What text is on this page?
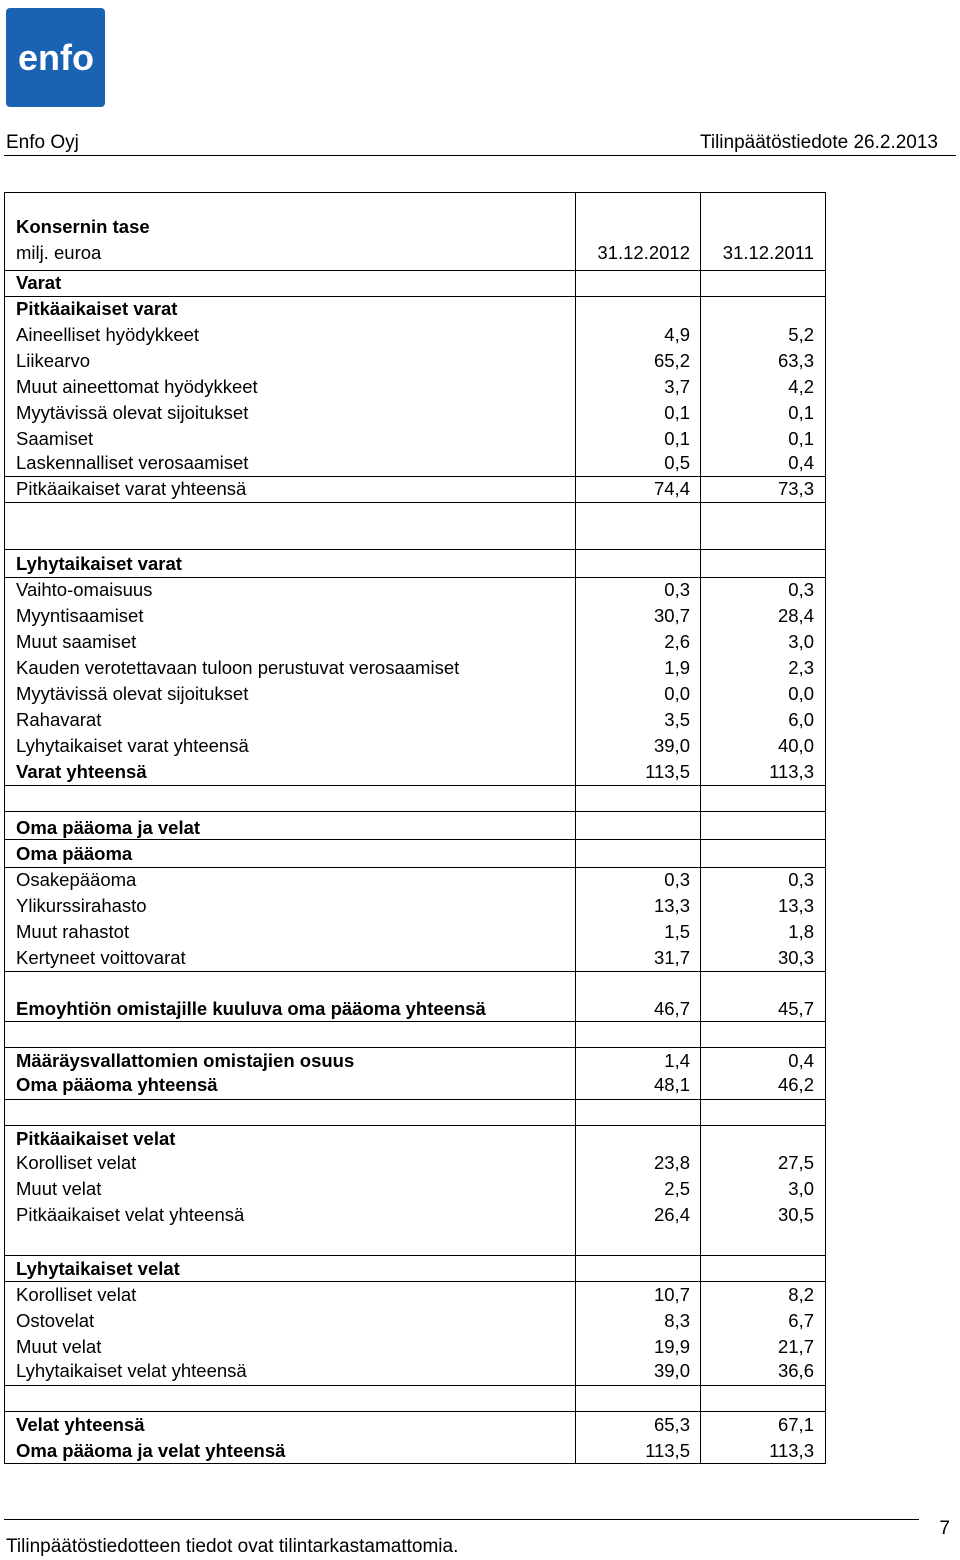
enfo
Enfo Oyj	Tilinpäätöstiedote 26.2.2013
Konsernin tase
milj. euroa	31.12.2012 31.12.2011
Varat
Pitkäaikaiset varat
Aineelliset hyödykkeet	4,9	5,2
Liikearvo	65,2	63,3
Muut aineettomat hyödykkeet	3,7	4,2
Myytävissä olevat sijoitukset	0,1	0,1
Saamiset	0,1	0,1
Laskennalliset verosaamiset	0,5	0,4
Pitkäaikaiset varat yhteensä	74,4	73,3
Lyhytaikaiset varat
Vaihto-omaisuus	0,3	0,3
Myyntisaamiset	30,7	28,4
Muut saamiset	2,6	3,0
Kauden verotettavaan tuloon perustuvat verosaamiset	1,9	2,3
Myytävissä olevat sijoitukset	0,0	0,0
Rahavarat	3,5	6,0
Lyhytaikaiset varat yhteensä	39,0	40,0
Varat yhteensä	113,5	113,3
Oma pääoma ja velat
Oma pääoma
Osakepääoma	0,3	0,3
Ylikurssirahasto	13,3	13,3
Muut rahastot	1,5	1,8
Kertyneet voittovarat	31,7	30,3
Emoyhtiön omistajille kuuluva oma pääoma yhteensä	46,7	45,7
Määräysvallattomien omistajien osuus	1,4	0,4
Oma pääoma yhteensä	48,1	46,2
Pitkäaikaiset velat
Korolliset velat	23,8	27,5
Muut velat	2,5	3,0
Pitkäaikaiset velat yhteensä	26,4	30,5
Lyhytaikaiset velat
Korolliset velat	10,7	8,2
Ostovelat	8,3	6,7
Muut velat	19,9	21,7
Lyhytaikaiset velat yhteensä	39,0	36,6
Velat yhteensä	65,3	67,1
Oma pääoma ja velat yhteensä	113,5	113,3
Tilinpäätöstiedotteen tiedot ovat tilintarkastamattomia.
7
